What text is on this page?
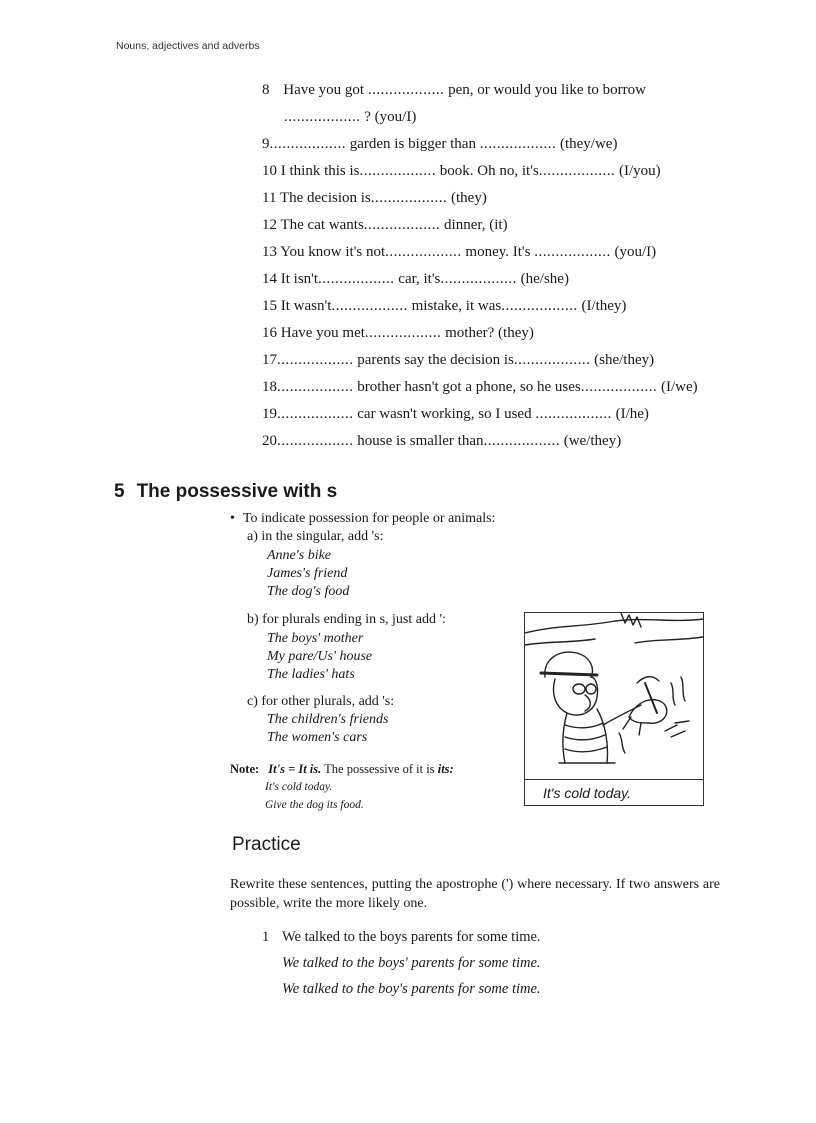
Nouns, adjectives and adverbs
8 Have you got .................. pen, or would you like to borrow
.................. ? (you/I)
9.................. garden is bigger than .................. (they/we)
10 I think this is.................. book. Oh no, it's.................. (I/you)
11 The decision is.................. (they)
12 The cat wants.................. dinner, (it)
13 You know it's not.................. money. It's .................. (you/I)
14 It isn't.................. car, it's.................. (he/she)
15 It wasn't.................. mistake, it was.................. (I/they)
16 Have you met.................. mother? (they)
17.................. parents say the decision is.................. (she/they)
18.................. brother hasn't got a phone, so he uses.................. (I/we)
19.................. car wasn't working, so I used .................. (I/he)
20.................. house is smaller than.................. (we/they)
5 The possessive with s
• To indicate possession for people or animals:
a) in the singular, add 's:
Anne's bike
James's friend
The dog's food
b) for plurals ending in s, just add ':
The boys' mother
My pare/Us' house
The ladies' hats
c) for other plurals, add 's:
The children's friends
The women's cars
Note: It's = It is. The possessive of it is its:
It's cold today.
Give the dog its food.
It's cold today.
Practice
Rewrite these sentences, putting the apostrophe (') where necessary. If two answers are possible, write the more likely one.
1 We talked to the boys parents for some time.
We talked to the boys' parents for some time.
We talked to the boy's parents for some time.
